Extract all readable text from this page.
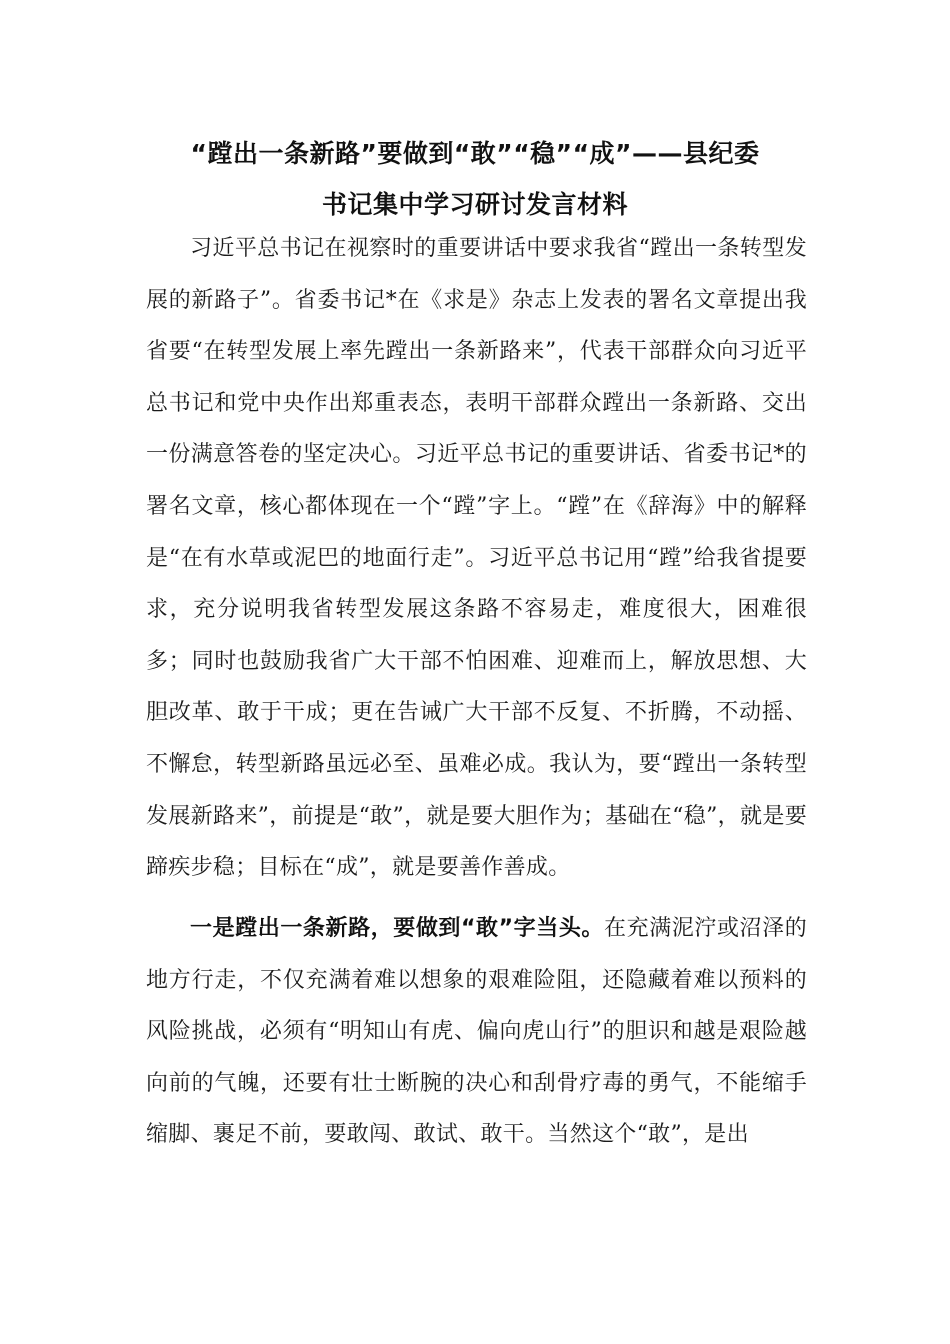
“蹚出一条新路”要做到“敢”“稳”“成”——县纪委
书记集中学习研讨发言材料

习近平总书记在视察时的重要讲话中要求我省“蹚出一条转型发展的新路子”。省委书记*在《求是》杂志上发表的署名文章提出我省要“在转型发展上率先蹚出一条新路来”，代表干部群众向习近平总书记和党中央作出郑重表态，表明干部群众蹚出一条新路、交出一份满意答卷的坚定决心。习近平总书记的重要讲话、省委书记*的署名文章，核心都体现在一个“蹚”字上。“蹚”在《辞海》中的解释是“在有水草或泥巴的地面行走”。习近平总书记用“蹚”给我省提要求，充分说明我省转型发展这条路不容易走，难度很大，困难很多；同时也鼓励我省广大干部不怕困难、迎难而上，解放思想、大胆改革、敢于干成；更在告诫广大干部不反复、不折腾，不动摇、不懈怠，转型新路虽远必至、虽难必成。我认为，要“蹚出一条转型发展新路来”，前提是“敢”，就是要大胆作为；基础在“稳”，就是要蹄疾步稳；目标在“成”，就是要善作善成。

一是蹚出一条新路，要做到“敢”字当头。在充满泥泞或沼泽的地方行走，不仅充满着难以想象的艰难险阻，还隐藏着难以预料的风险挑战，必须有“明知山有虎、偏向虎山行”的胆识和越是艰险越向前的气魄，还要有壮士断腕的决心和刮骨疗毒的勇气，不能缩手缩脚、裹足不前，要敢闯、敢试、敢干。当然这个“敢”，是出
